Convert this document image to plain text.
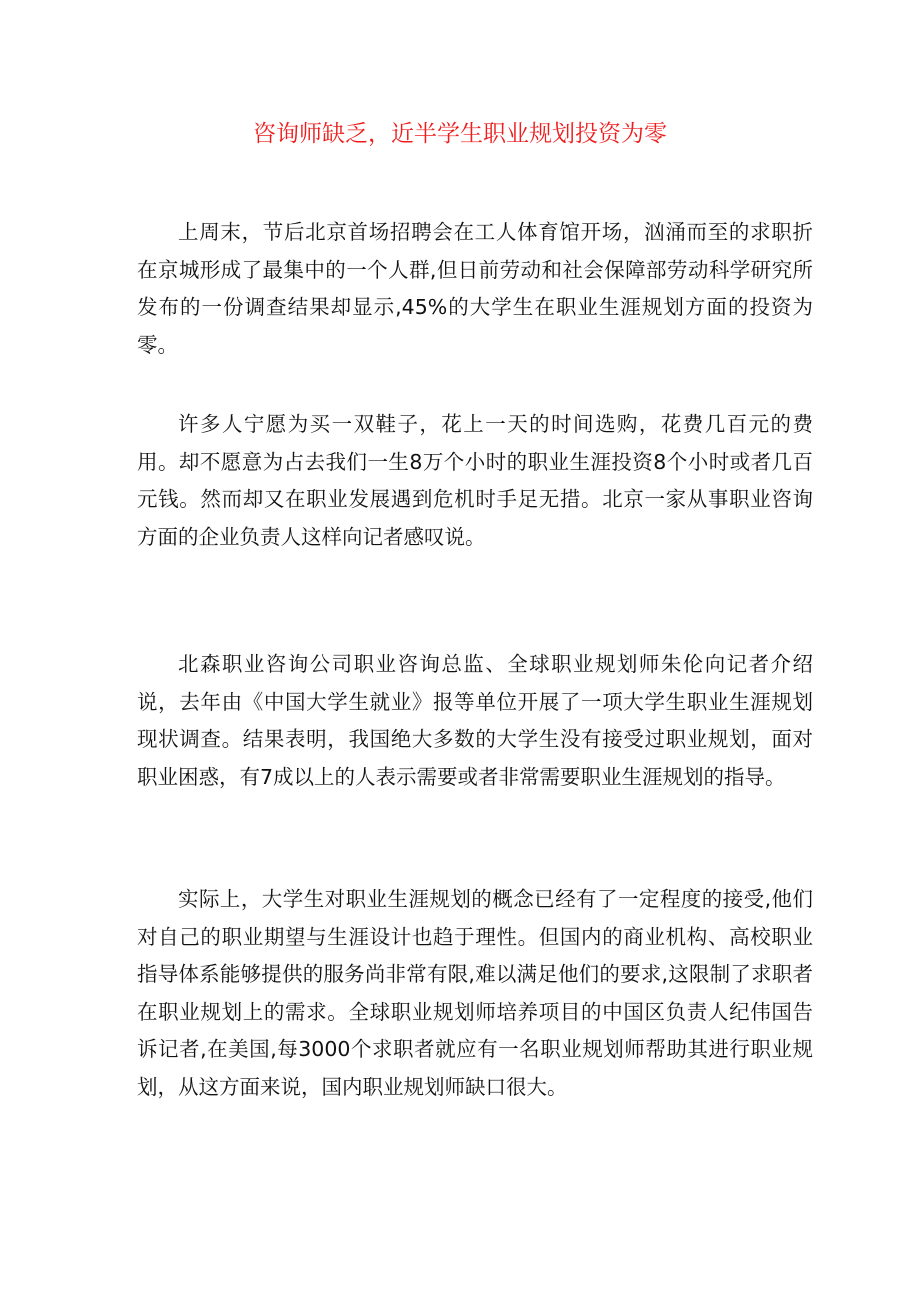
咨询师缺乏，近半学生职业规划投资为零

上周末，节后北京首场招聘会在工人体育馆开场，汹涌而至的求职折在京城形成了最集中的一个人群,但日前劳动和社会保障部劳动科学研究所发布的一份调查结果却显示,45%的大学生在职业生涯规划方面的投资为零。

许多人宁愿为买一双鞋子，花上一天的时间选购，花费几百元的费用。却不愿意为占去我们一生8万个小时的职业生涯投资8个小时或者几百元钱。然而却又在职业发展遇到危机时手足无措。北京一家从事职业咨询方面的企业负责人这样向记者感叹说。

北森职业咨询公司职业咨询总监、全球职业规划师朱伦向记者介绍说，去年由《中国大学生就业》报等单位开展了一项大学生职业生涯规划现状调查。结果表明，我国绝大多数的大学生没有接受过职业规划，面对职业困惑，有7成以上的人表示需要或者非常需要职业生涯规划的指导。

实际上，大学生对职业生涯规划的概念已经有了一定程度的接受,他们对自己的职业期望与生涯设计也趋于理性。但国内的商业机构、高校职业指导体系能够提供的服务尚非常有限,难以满足他们的要求,这限制了求职者在职业规划上的需求。全球职业规划师培养项目的中国区负责人纪伟国告诉记者,在美国,每3000个求职者就应有一名职业规划师帮助其进行职业规划，从这方面来说，国内职业规划师缺口很大。
